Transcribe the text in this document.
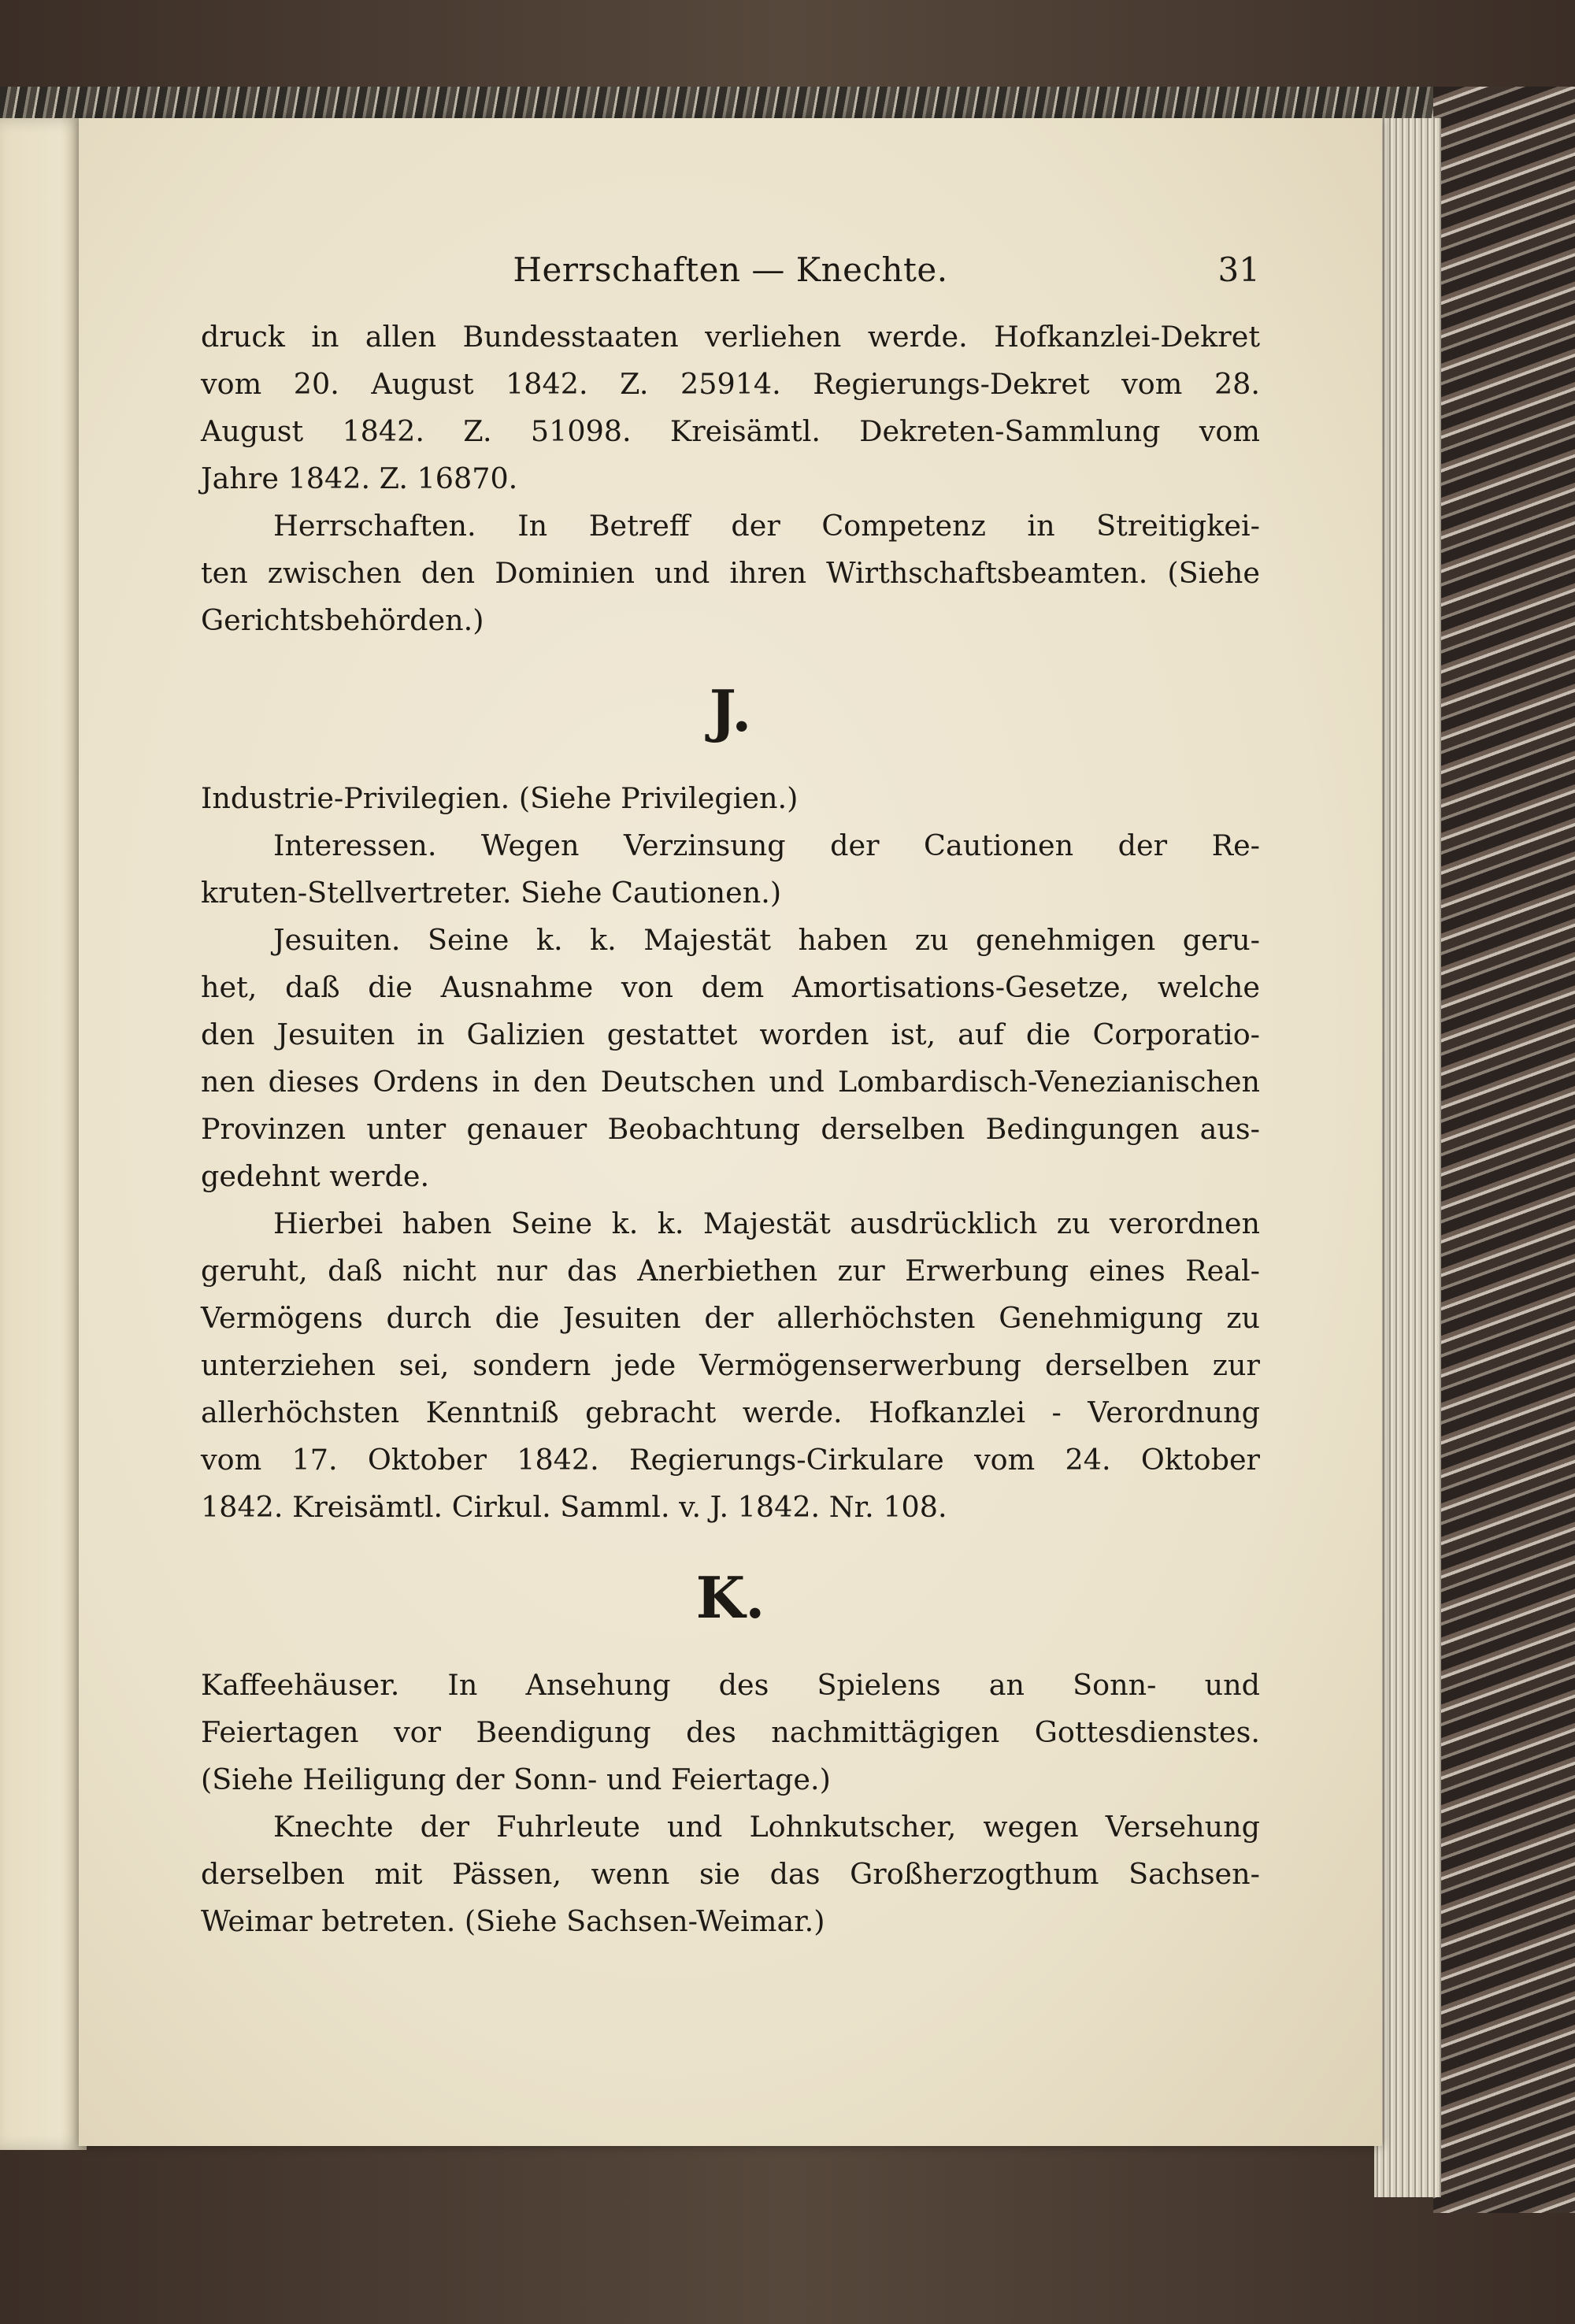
Herrschaften — Knechte.	31

druck in allen Bundesstaaten verliehen werde. Hofkanzlei-Dekret

vom 20. August 1842. Z. 25914. Regierungs-Dekret vom 28.

August 1842. Z. 51098. Kreisämtl. Dekreten-Sammlung vom

Jahre 1842. Z. 16870.

Herrschaften. In Betreff der Competenz in Streitigkei-

ten zwischen den Dominien und ihren Wirthschaftsbeamten. (Siehe

Gerichtsbehörden.)

J.

Industrie-Privilegien. (Siehe Privilegien.)

Interessen. Wegen Verzinsung der Cautionen der Re-

kruten-Stellvertreter. Siehe Cautionen.)

Jesuiten. Seine k. k. Majestät haben zu genehmigen geru-

het, daß die Ausnahme von dem Amortisations-Gesetze, welche

den Jesuiten in Galizien gestattet worden ist, auf die Corporatio-

nen dieses Ordens in den Deutschen und Lombardisch-Venezianischen

Provinzen unter genauer Beobachtung derselben Bedingungen aus-

gedehnt werde.

Hierbei haben Seine k. k. Majestät ausdrücklich zu verordnen

geruht, daß nicht nur das Anerbiethen zur Erwerbung eines Real-

Vermögens durch die Jesuiten der allerhöchsten Genehmigung zu

unterziehen sei, sondern jede Vermögenserwerbung derselben zur

allerhöchsten Kenntniß gebracht werde. Hofkanzlei - Verordnung

vom 17. Oktober 1842. Regierungs-Cirkulare vom 24. Oktober

1842. Kreisämtl. Cirkul. Samml. v. J. 1842. Nr. 108.

K.

Kaffeehäuser. In Ansehung des Spielens an Sonn- und

Feiertagen vor Beendigung des nachmittägigen Gottesdienstes.

(Siehe Heiligung der Sonn- und Feiertage.)

Knechte der Fuhrleute und Lohnkutscher, wegen Versehung

derselben mit Pässen, wenn sie das Großherzogthum Sachsen-

Weimar betreten. (Siehe Sachsen-Weimar.)
